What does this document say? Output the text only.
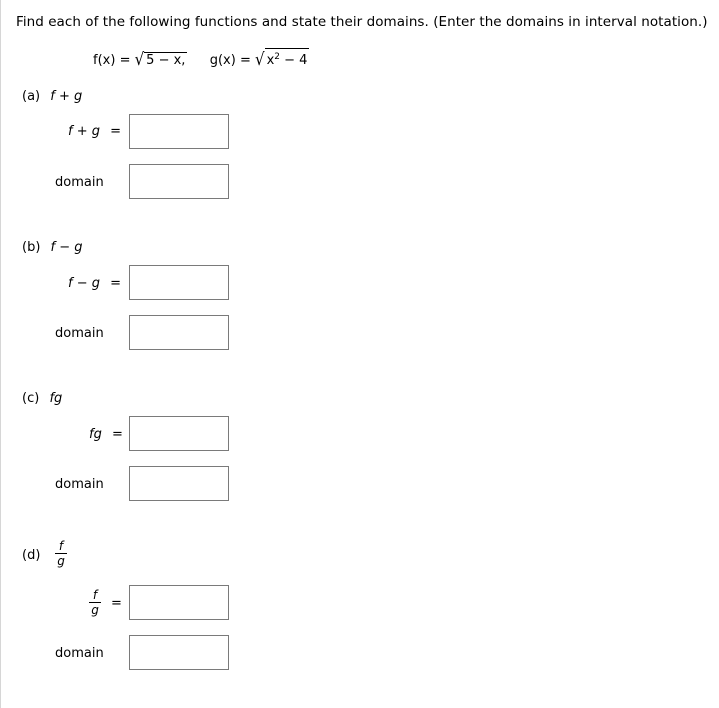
Find each of the following functions and state their domains. (Enter the domains in interval notation.)
f(x) = √ 5 − x, g(x) = √ $x^2 - 4$
(a) f + g
f + g =
domain
(b) f − g
f − g =
domain
(c) fg
fg =
domain
(d)
f
g
f
g =
domain
